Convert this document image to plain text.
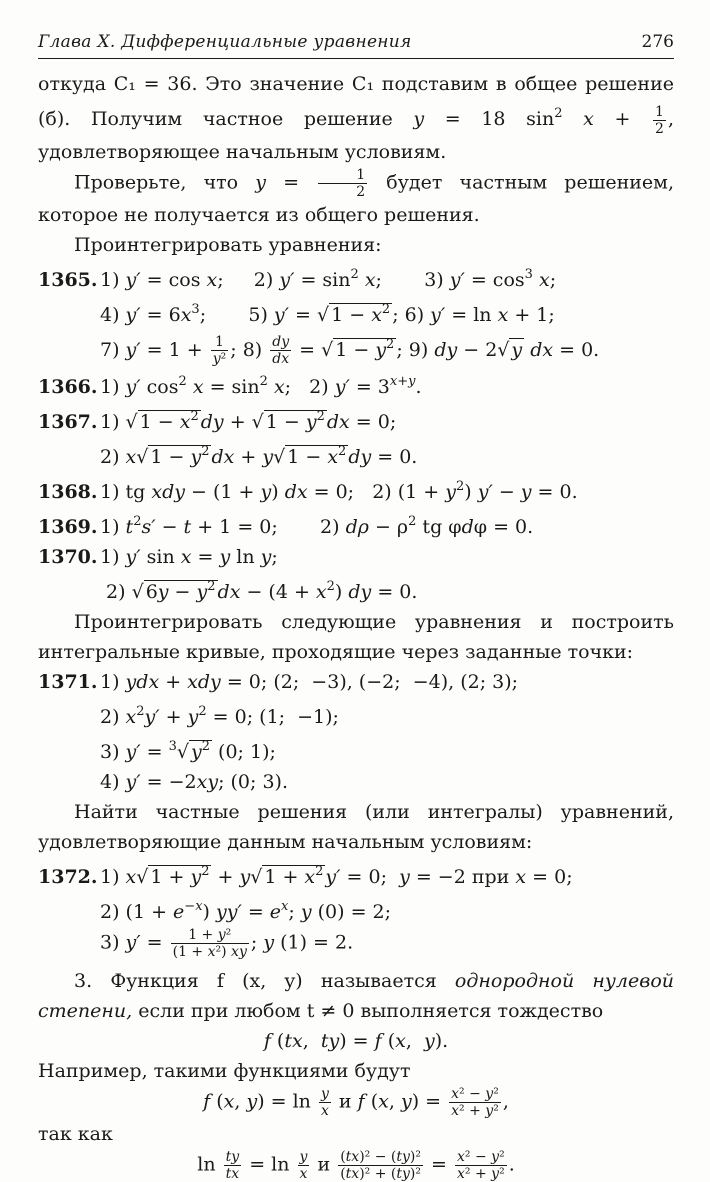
Глава X. Дифференциальные уравнения	276

откуда C₁ = 36. Это значение C₁ подставим в общее решение (б). Получим частное решение y = 18 $\sin^2 x + \frac{1}{2}$ , удовлетворяющее начальным условиям.

Проверьте, что $y = \frac{1}{2}$ будет частным решением, которое не получается из общего решения.

Проинтегрировать уравнения:

1365. 1) y′ = cos x;     2) $y' = \sin^2 x$;       3) $y' = \cos^3 x$;
4) $y' = 6x^3$;       5) y′ = √ $1 - x^2$ ; 6) y′ = ln x + 1;
7) $y' = 1 + \frac{1}{\text{y²}}$ ; $8) \frac{dy}{dx}$ = √ $1 - y^2$ ; 9) dy − 2√ y dx = 0.
1366. 1) y′ $\cos^2 x = \sin^2 x$;   2) $y' = 3^{x+y}$.
1367. 1) √ $1 - x^2$ dy + √ $1 - y^2$ dx = 0;
2) x√ $1 - y^2$ dx + y√ $1 - x^2$ dy = 0.
1368. 1) tg xdy − (1 + y) dx = 0;   2) $(1 + y^2)$ y′ − y = 0.
1369. 1) $t^2s' - t + 1 = 0$;       2) $d\rho - \rho^2$ tg φdφ = 0.
1370. 1) y′ sin x = y ln y;
2) √ $6y - y^2$ dx − $(4 + x^2)$ dy = 0.

Проинтегрировать следующие уравнения и построить интегральные кривые, проходящие через заданные точки:

1371. 1) ydx + xdy = 0; (2;  −3), (−2;  −4), (2; 3);
2) $x^2y' + y^2 = 0$; (1;  −1);
3) y′ = $^3$√ $y^2$ (0; 1);
4) y′ = −2xy; (0; 3).

Найти частные решения (или интегралы) уравнений, удовлетворяющие данным начальным условиям:

1372. 1) x√ $1 + y^2 + y√$ $1 + x^2$ y′ = 0;  y = −2 при x = 0;
2) $(1 + e^{-x})$ $yy' = e^x$; y (0) = 2;
3) $y' = \frac{\text{1 + y²}}{\text{(1 + x²) xy}}$ ; y (1) = 2.

3. Функция f (x, y) называется однородной нулевой степени, если при любом t ≠ 0 выполняется тождество

f (tx,  ty) = f (x,  y).

Например, такими функциями будут

f (x, $y) = \ln \frac{y}{x}$ и f (x, $y) = \frac{\text{x² − y²}}{\text{x² + y²}}$ ,

так как

$\ln \frac{ty}{tx} = \ln \frac{y}{x}$ и $\frac{\text{(tx)² − (ty)²}}{\text{(tx)² + (ty)²}} = \frac{\text{x² − y²}}{\text{x² + y²}}$ .
